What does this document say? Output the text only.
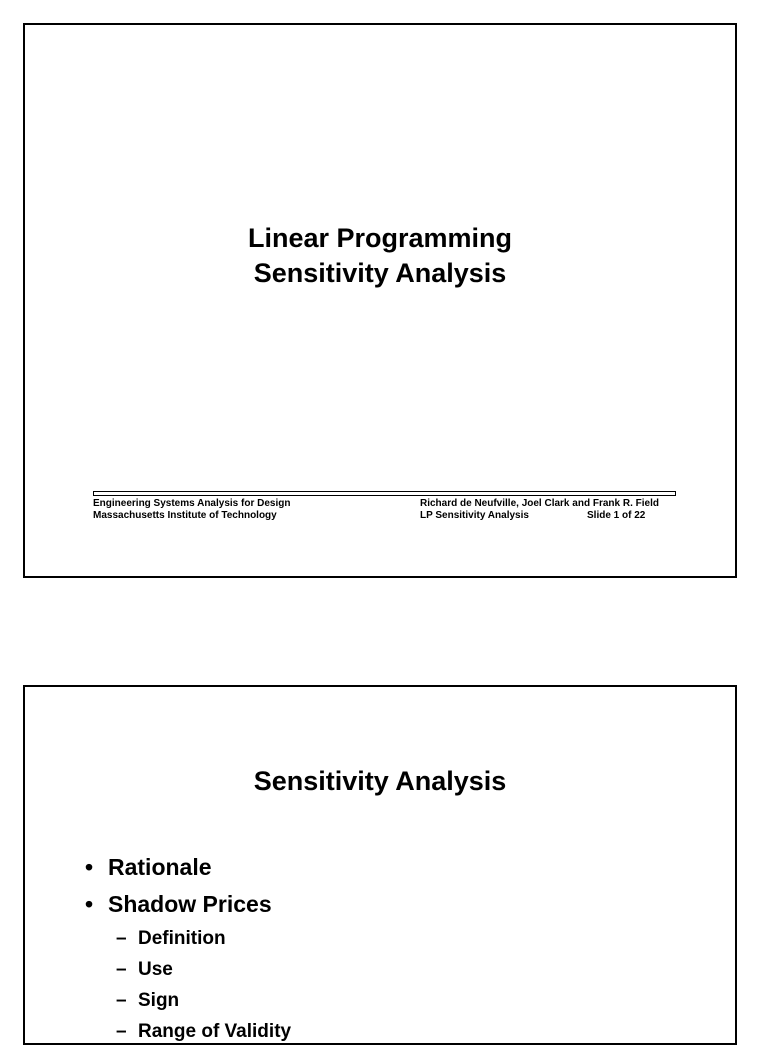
Linear Programming
Sensitivity Analysis
Engineering Systems Analysis for Design
Massachusetts Institute of Technology
Richard de Neufville, Joel Clark and Frank R. Field
LP Sensitivity Analysis	Slide 1 of 22
Sensitivity Analysis
• Rationale
• Shadow Prices
– Definition
– Use
– Sign
– Range of Validity
